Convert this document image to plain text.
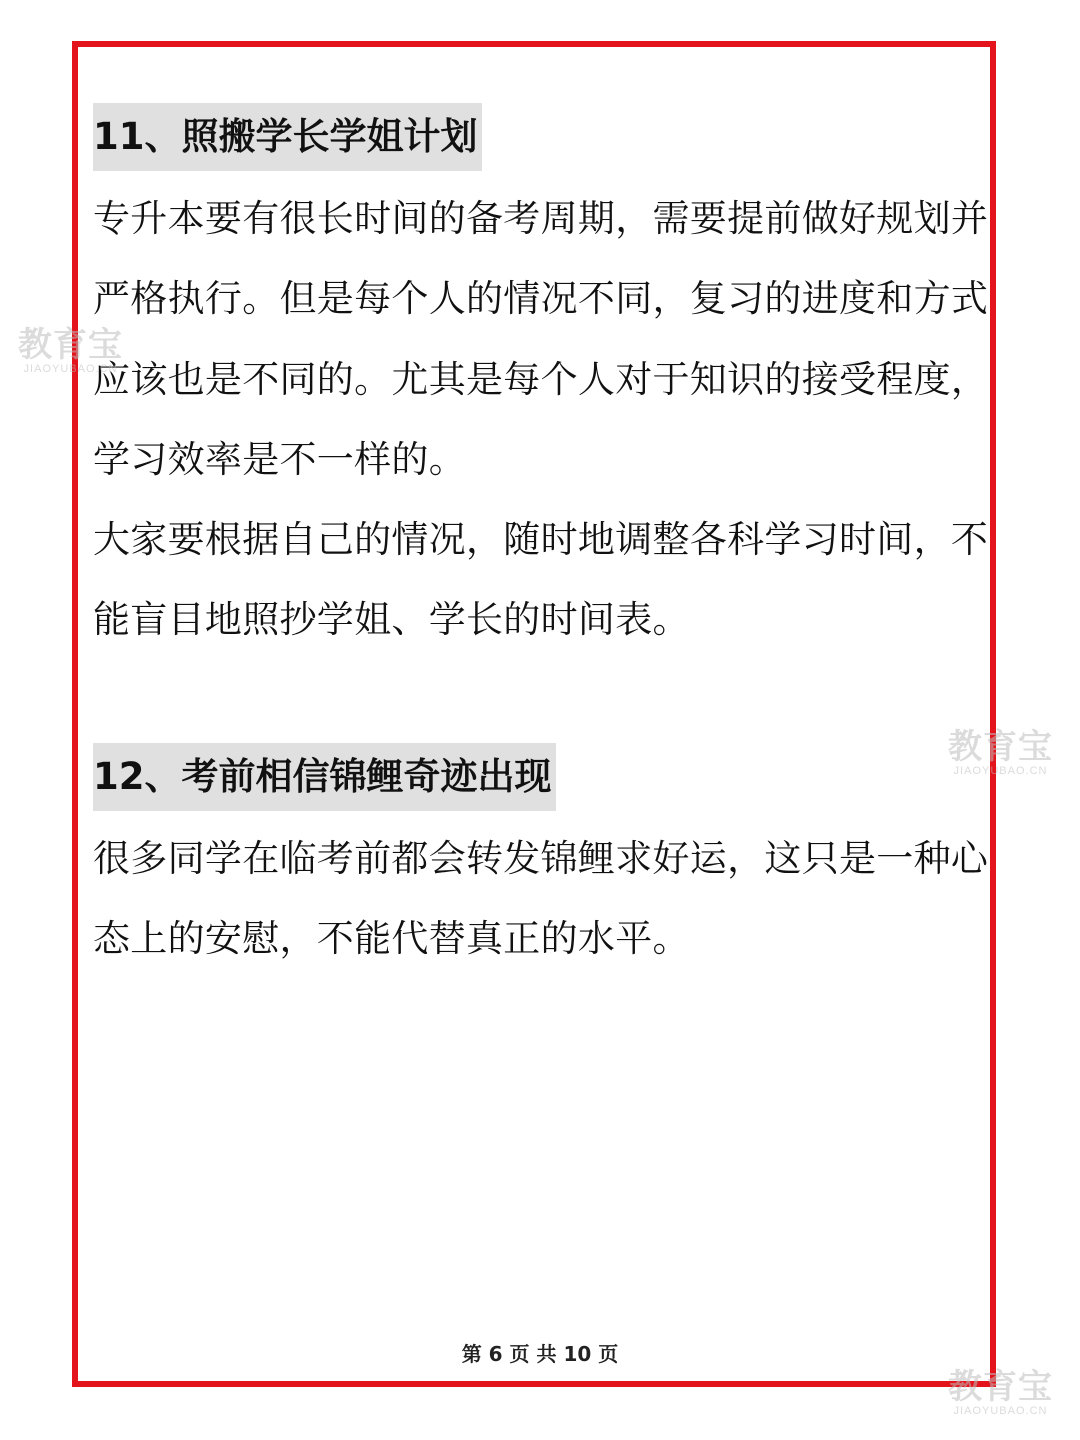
11、照搬学长学姐计划
专升本要有很长时间的备考周期，需要提前做好规划并
严格执行。但是每个人的情况不同，复习的进度和方式
应该也是不同的。尤其是每个人对于知识的接受程度，
学习效率是不一样的。
大家要根据自己的情况，随时地调整各科学习时间，不
能盲目地照抄学姐、学长的时间表。
12、考前相信锦鲤奇迹出现
很多同学在临考前都会转发锦鲤求好运，这只是一种心
态上的安慰，不能代替真正的水平。
第 6 页 共 10 页
教育宝
JIAOYUBAO.CN
教育宝
JIAOYUBAO.CN
教育宝
JIAOYUBAO.CN
